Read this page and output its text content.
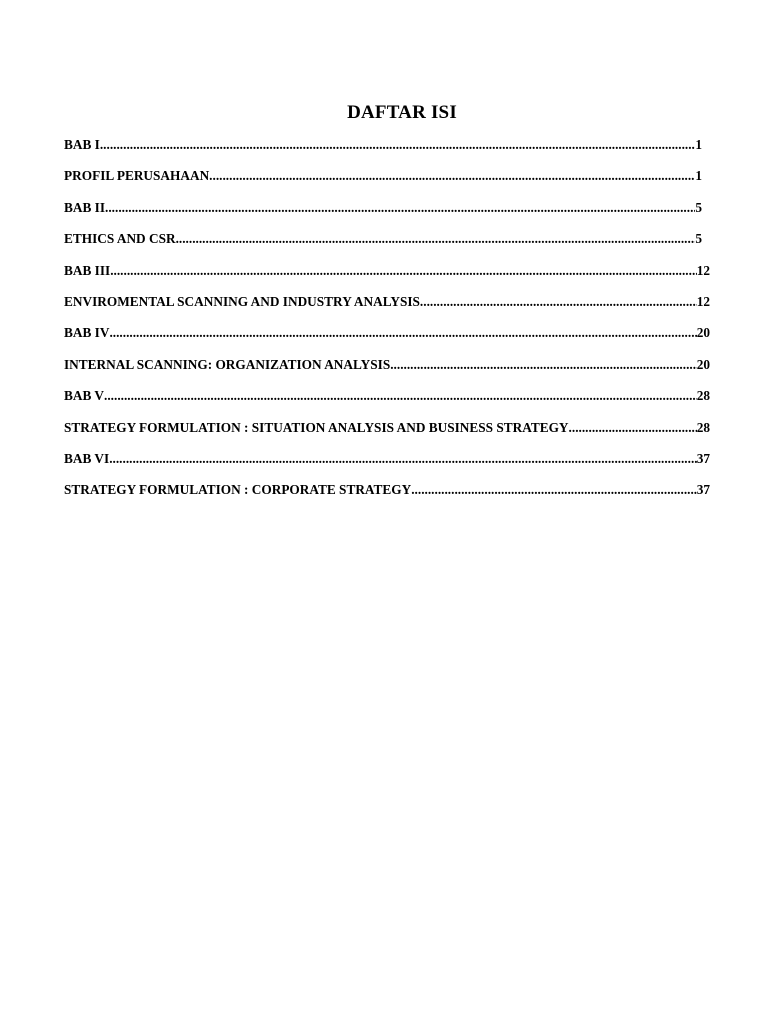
DAFTAR ISI
BAB I .....	1
PROFIL PERUSAHAAN .....	1
BAB II .....	5
ETHICS AND CSR .....	5
BAB III .....	12
ENVIROMENTAL SCANNING AND INDUSTRY ANALYSIS .....	12
BAB IV .....	20
INTERNAL SCANNING: ORGANIZATION ANALYSIS .....	20
BAB V .....	28
STRATEGY FORMULATION : SITUATION ANALYSIS AND BUSINESS STRATEGY .....	28
BAB VI .....	37
STRATEGY FORMULATION : CORPORATE STRATEGY .....	37
